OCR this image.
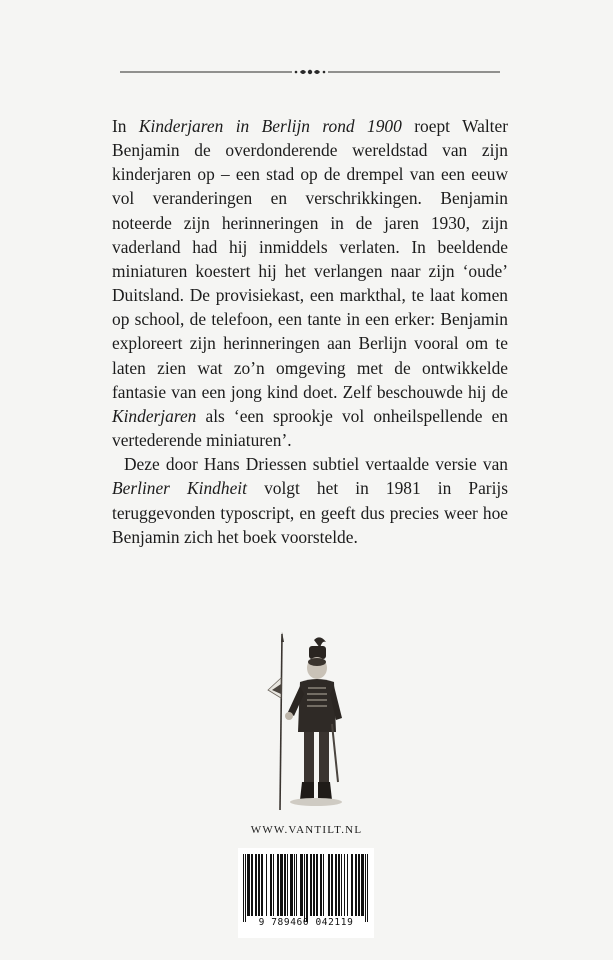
In Kinderjaren in Berlijn rond 1900 roept Walter Benjamin de overdonderende wereldstad van zijn kinderjaren op – een stad op de drempel van een eeuw vol veranderingen en verschrikkingen. Benjamin noteerde zijn herinneringen in de jaren 1930, zijn vaderland had hij inmiddels verlaten. In beeldende miniaturen koestert hij het verlangen naar zijn ‘oude’ Duitsland. De provisiekast, een markthal, te laat komen op school, de telefoon, een tante in een erker: Benjamin exploreert zijn herinneringen aan Berlijn vooral om te laten zien wat zo’n omgeving met de ontwikkelde fantasie van een jong kind doet. Zelf beschouwde hij de Kinderjaren als ‘een sprookje vol onheilspellende en vertederende miniaturen’.

Deze door Hans Driessen subtiel vertaalde versie van Berliner Kindheit volgt het in 1981 in Parijs teruggevonden typoscript, en geeft dus precies weer hoe Benjamin zich het boek voorstelde.

WWW.VANTILT.NL
9 789460 042119
